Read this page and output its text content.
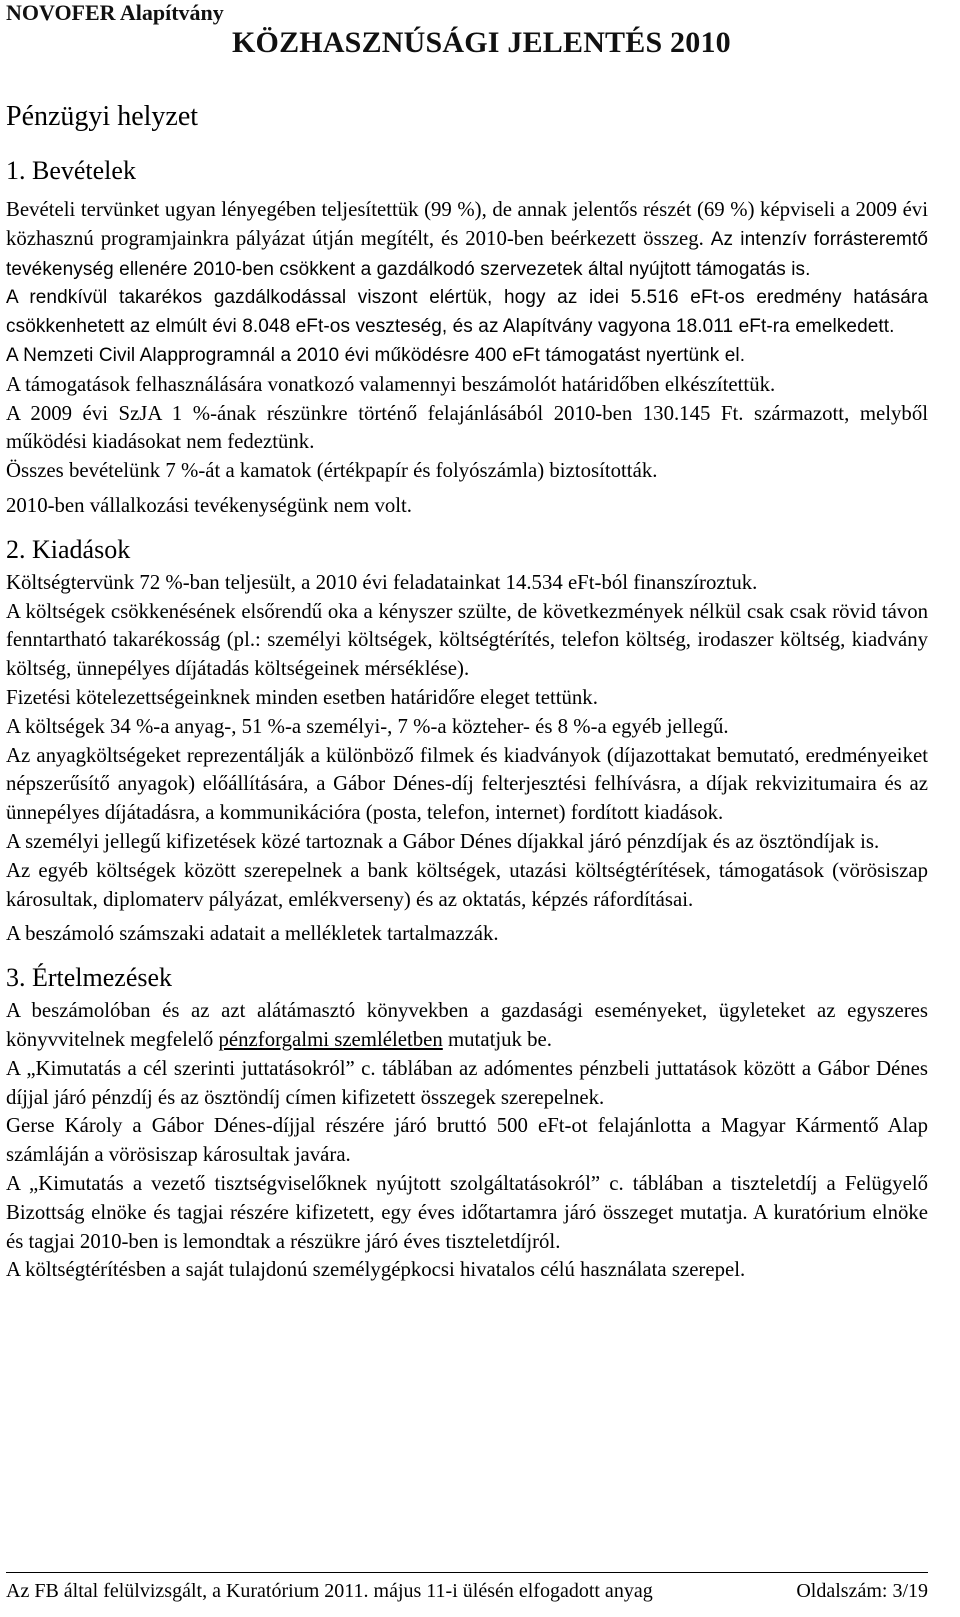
NOVOFER Alapítvány
KÖZHASZNÚSÁGI JELENTÉS 2010
Pénzügyi helyzet
1. Bevételek

Bevételi tervünket ugyan lényegében teljesítettük (99 %), de annak jelentős részét (69 %) képviseli a 2009 évi közhasznú programjainkra pályázat útján megítélt, és 2010-ben beérkezett összeg. Az intenzív forrásteremtő tevékenység ellenére 2010-ben csökkent a gazdálkodó szervezetek által nyújtott támogatás is.

A rendkívül takarékos gazdálkodással viszont elértük, hogy az idei 5.516 eFt-os eredmény hatására csökkenhetett az elmúlt évi 8.048 eFt-os veszteség, és az Alapítvány vagyona 18.011 eFt-ra emelkedett.

A Nemzeti Civil Alapprogramnál a 2010 évi működésre 400 eFt támogatást nyertünk el.

A támogatások felhasználására vonatkozó valamennyi beszámolót határidőben elkészítettük.

A 2009 évi SzJA 1 %-ának részünkre történő felajánlásából 2010-ben 130.145 Ft. származott, melyből működési kiadásokat nem fedeztünk.

Összes bevételünk 7 %-át a kamatok (értékpapír és folyószámla) biztosították.

2010-ben vállalkozási tevékenységünk nem volt.

2. Kiadások

Költségtervünk 72 %-ban teljesült, a 2010 évi feladatainkat 14.534 eFt-ból finanszíroztuk.

A költségek csökkenésének elsőrendű oka a kényszer szülte, de következmények nélkül csak csak rövid távon fenntartható takarékosság (pl.: személyi költségek, költségtérítés, telefon költség, irodaszer költség, kiadvány költség, ünnepélyes díjátadás költségeinek mérséklése).

Fizetési kötelezettségeinknek minden esetben határidőre eleget tettünk.

A költségek 34 %-a anyag-, 51 %-a személyi-, 7 %-a közteher- és 8 %-a egyéb jellegű.

Az anyagköltségeket reprezentálják a különböző filmek és kiadványok (díjazottakat bemutató, eredményeiket népszerűsítő anyagok) előállítására, a Gábor Dénes-díj felterjesztési felhívásra, a díjak rekvizitumaira és az ünnepélyes díjátadásra, a kommunikációra (posta, telefon, internet) fordított kiadások.

A személyi jellegű kifizetések közé tartoznak a Gábor Dénes díjakkal járó pénzdíjak és az ösztöndíjak is.

Az egyéb költségek között szerepelnek a bank költségek, utazási költségtérítések, támogatások (vörösiszap károsultak, diplomaterv pályázat, emlékverseny) és az oktatás, képzés ráfordításai.

A beszámoló számszaki adatait a mellékletek tartalmazzák.

3. Értelmezések

A beszámolóban és az azt alátámasztó könyvekben a gazdasági eseményeket, ügyleteket az egyszeres könyvvitelnek megfelelő pénzforgalmi szemléletben mutatjuk be.

A „Kimutatás a cél szerinti juttatásokról” c. táblában az adómentes pénzbeli juttatások között a Gábor Dénes díjjal járó pénzdíj és az ösztöndíj címen kifizetett összegek szerepelnek.

Gerse Károly a Gábor Dénes-díjjal részére járó bruttó 500 eFt-ot felajánlotta a Magyar Kármentő Alap számláján a vörösiszap károsultak javára.

A „Kimutatás a vezető tisztségviselőknek nyújtott szolgáltatásokról” c. táblában a tiszteletdíj a Felügyelő Bizottság elnöke és tagjai részére kifizetett, egy éves időtartamra járó összeget mutatja. A kuratórium elnöke és tagjai 2010-ben is lemondtak a részükre járó éves tiszteletdíjról.

A költségtérítésben a saját tulajdonú személygépkocsi hivatalos célú használata szerepel.

Az FB által felülvizsgált, a Kuratórium 2011. május 11-i ülésén elfogadott anyag	Oldalszám: 3/19
